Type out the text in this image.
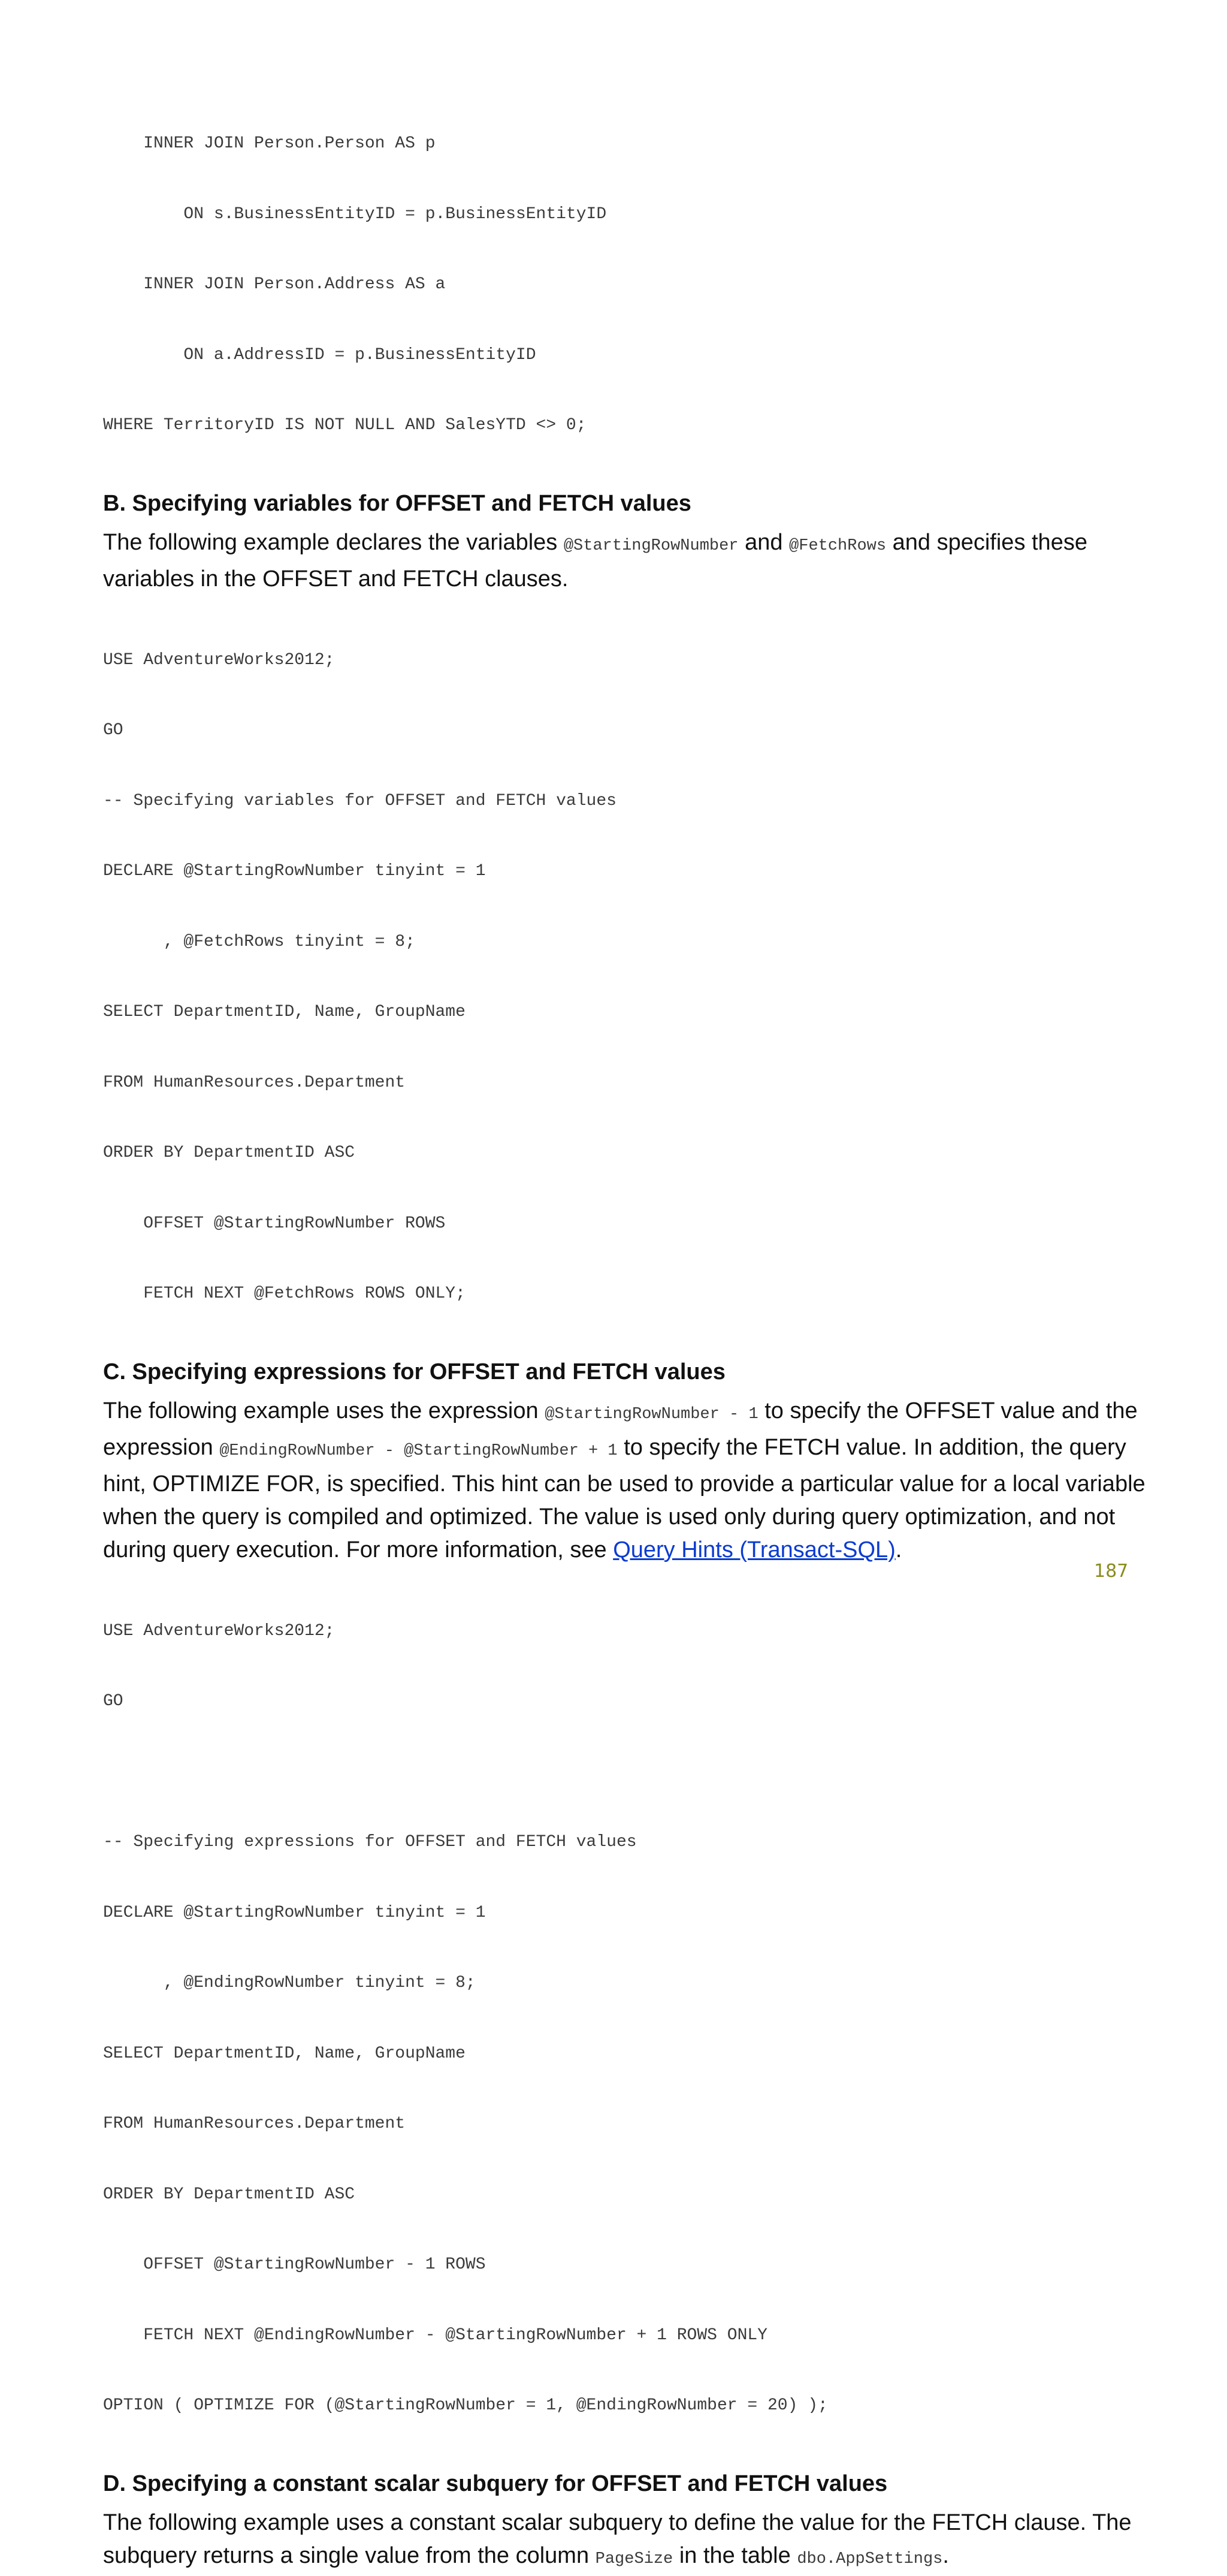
INNER JOIN Person.Person AS p

ON s.BusinessEntityID = p.BusinessEntityID

INNER JOIN Person.Address AS a

ON a.AddressID = p.BusinessEntityID

WHERE TerritoryID IS NOT NULL AND SalesYTD <> 0;

B. Specifying variables for OFFSET and FETCH values

The following example declares the variables @StartingRowNumber and @FetchRows and specifies these variables in the OFFSET and FETCH clauses.

USE AdventureWorks2012;

GO

-- Specifying variables for OFFSET and FETCH values

DECLARE @StartingRowNumber tinyint = 1

, @FetchRows tinyint = 8;

SELECT DepartmentID, Name, GroupName

FROM HumanResources.Department

ORDER BY DepartmentID ASC

OFFSET @StartingRowNumber ROWS

FETCH NEXT @FetchRows ROWS ONLY;

C. Specifying expressions for OFFSET and FETCH values

The following example uses the expression @StartingRowNumber - 1 to specify the OFFSET value and the expression @EndingRowNumber - @StartingRowNumber + 1 to specify the FETCH value. In addition, the query hint, OPTIMIZE FOR, is specified. This hint can be used to provide a particular value for a local variable when the query is compiled and optimized. The value is used only during query optimization, and not during query execution. For more information, see Query Hints (Transact-SQL).

USE AdventureWorks2012;

GO

-- Specifying expressions for OFFSET and FETCH values

DECLARE @StartingRowNumber tinyint = 1

, @EndingRowNumber tinyint = 8;

SELECT DepartmentID, Name, GroupName

FROM HumanResources.Department

ORDER BY DepartmentID ASC

OFFSET @StartingRowNumber - 1 ROWS

FETCH NEXT @EndingRowNumber - @StartingRowNumber + 1 ROWS ONLY

OPTION ( OPTIMIZE FOR (@StartingRowNumber = 1, @EndingRowNumber = 20) );

D. Specifying a constant scalar subquery for OFFSET and FETCH values

The following example uses a constant scalar subquery to define the value for the FETCH clause. The subquery returns a single value from the column PageSize in the table dbo.AppSettings.

187
